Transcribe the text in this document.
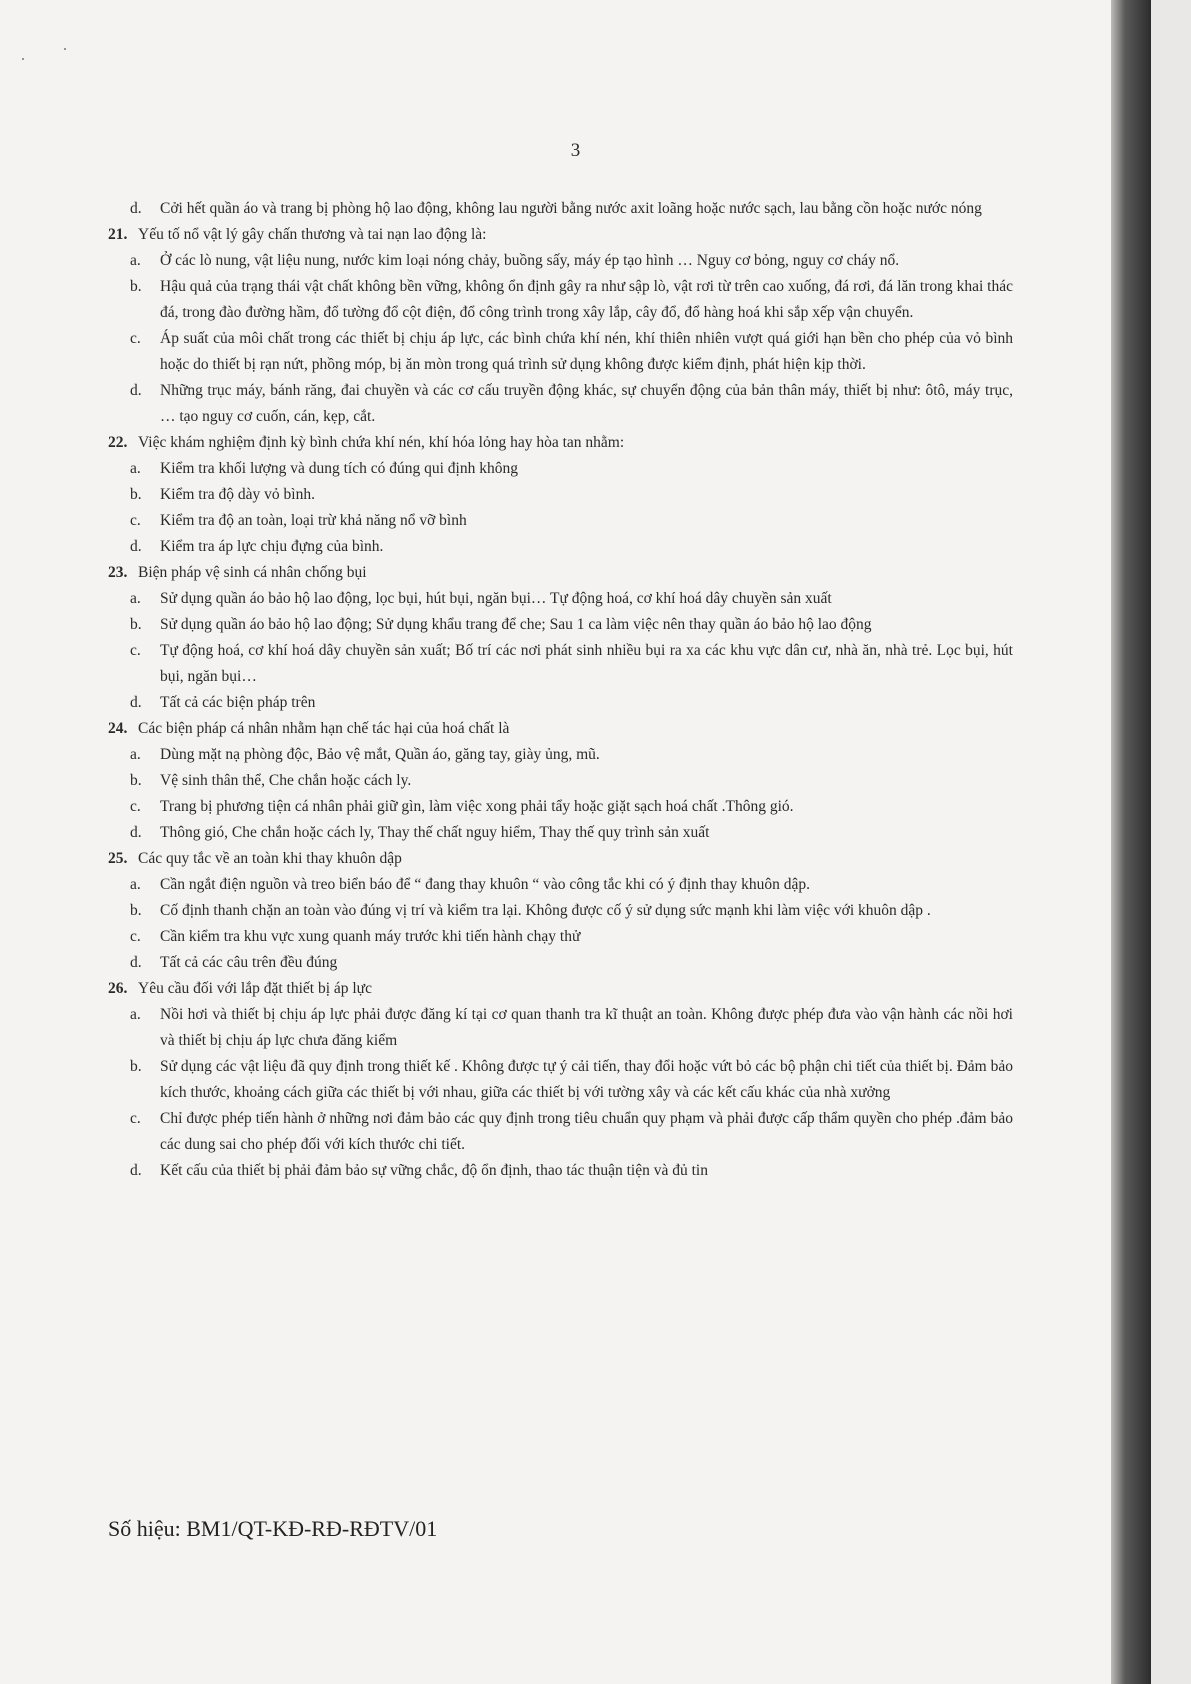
3
d.	Cởi hết quần áo và trang bị phòng hộ lao động, không lau người bằng nước axit loãng hoặc nước sạch, lau bằng cồn hoặc nước nóng
21. Yếu tố nổ vật lý gây chấn thương và tai nạn lao động là:
a.	Ở các lò nung, vật liệu nung, nước kim loại nóng chảy, buồng sấy, máy ép tạo hình … Nguy cơ bỏng, nguy cơ cháy nổ.
b.	Hậu quả của trạng thái vật chất không bền vững, không ổn định gây ra như sập lò, vật rơi từ trên cao xuống, đá rơi, đá lăn trong khai thác đá, trong đào đường hầm, đổ tường đổ cột điện, đổ công trình trong xây lắp, cây đổ, đổ hàng hoá khi sắp xếp vận chuyển.
c.	Áp suất của môi chất trong các thiết bị chịu áp lực, các bình chứa khí nén, khí thiên nhiên vượt quá giới hạn bền cho phép của vỏ bình hoặc do thiết bị rạn nứt, phồng móp, bị ăn mòn trong quá trình sử dụng không được kiểm định, phát hiện kịp thời.
d.	Những trục máy, bánh răng, đai chuyền và các cơ cấu truyền động khác, sự chuyển động của bản thân máy, thiết bị như: ôtô, máy trục, … tạo nguy cơ cuốn, cán, kẹp, cắt.
22. Việc khám nghiệm định kỳ bình chứa khí nén, khí hóa lỏng hay hòa tan nhằm:
a.	Kiểm tra khối lượng và dung tích có đúng qui định không
b.	Kiểm tra độ dày vỏ bình.
c.	Kiểm tra độ an toàn, loại trừ khả năng nổ vỡ bình
d.	Kiểm tra áp lực chịu đựng của bình.
23. Biện pháp vệ sinh cá nhân chống bụi
a.	Sử dụng quần áo bảo hộ lao động, lọc bụi, hút bụi, ngăn bụi… Tự động hoá, cơ khí hoá dây chuyền sản xuất
b.	Sử dụng quần áo bảo hộ lao động; Sử dụng khẩu trang để che; Sau 1 ca làm việc nên thay quần áo bảo hộ lao động
c.	Tự động hoá, cơ khí hoá dây chuyền sản xuất; Bố trí các nơi phát sinh nhiều bụi ra xa các khu vực dân cư, nhà ăn, nhà trẻ. Lọc bụi, hút bụi, ngăn bụi…
d.	Tất cả các biện pháp trên
24. Các biện pháp cá nhân nhằm hạn chế tác hại của hoá chất là
a.	Dùng mặt nạ phòng độc, Bảo vệ mắt, Quần áo, găng tay, giày ủng, mũ.
b.	Vệ sinh thân thể, Che chắn hoặc cách ly.
c.	Trang bị phương tiện cá nhân phải giữ gìn, làm việc xong phải tẩy hoặc giặt sạch hoá chất .Thông gió.
d.	Thông gió, Che chắn hoặc cách ly, Thay thế chất nguy hiểm, Thay thế quy trình sản xuất
25. Các quy tắc về an toàn khi thay khuôn dập
a.	Cần ngắt điện nguồn và treo biển báo để “ đang thay khuôn “ vào công tắc khi có ý định thay khuôn dập.
b.	Cố định thanh chặn an toàn vào đúng vị trí và kiểm tra lại. Không được cố ý sử dụng sức mạnh khi làm việc với khuôn dập .
c.	Cần kiểm tra khu vực xung quanh máy trước khi tiến hành chạy thử
d.	Tất cả các câu trên đều đúng
26. Yêu cầu đối với lắp đặt thiết bị áp lực
a.	Nồi hơi và thiết bị chịu áp lực phải được đăng kí tại cơ quan thanh tra kĩ thuật an toàn. Không được phép đưa vào vận hành các nồi hơi và thiết bị chịu áp lực chưa đăng kiểm
b.	Sử dụng các vật liệu đã quy định trong thiết kế . Không được tự ý cải tiến, thay đổi hoặc vứt bỏ các bộ phận chi tiết của thiết bị. Đảm bảo kích thước, khoảng cách giữa các thiết bị với nhau, giữa các thiết bị với tường xây và các kết cấu khác của nhà xưởng
c.	Chỉ được phép tiến hành ở những nơi đảm bảo các quy định trong tiêu chuẩn quy phạm và phải được cấp thẩm quyền cho phép .đảm bảo các dung sai cho phép đối với kích thước chi tiết.
d.	Kết cấu của thiết bị phải đảm bảo sự vững chắc, độ ổn định, thao tác thuận tiện và đủ tin
Số hiệu: BM1/QT-KĐ-RĐ-RĐTV/01
